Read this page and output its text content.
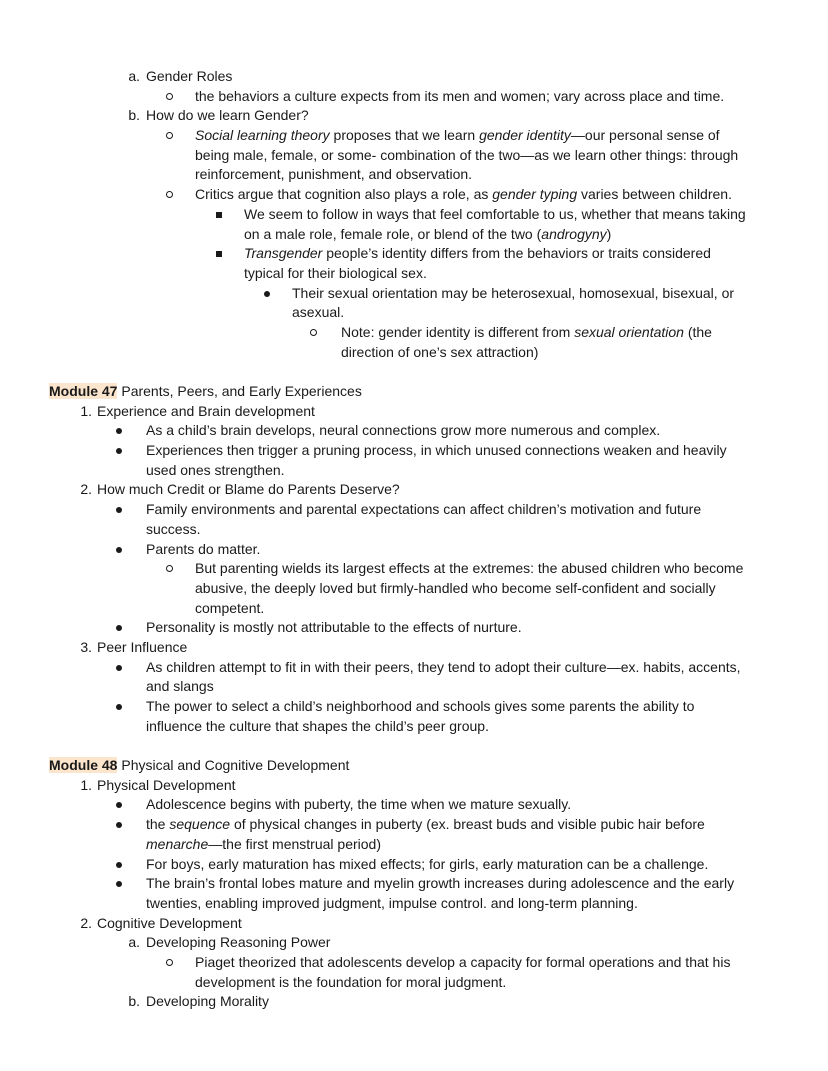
a. Gender Roles
the behaviors a culture expects from its men and women; vary across place and time.
b. How do we learn Gender?
Social learning theory proposes that we learn gender identity—our personal sense of
being male, female, or some- combination of the two—as we learn other things: through
reinforcement, punishment, and observation.
Critics argue that cognition also plays a role, as gender typing varies between children.
We seem to follow in ways that feel comfortable to us, whether that means taking
on a male role, female role, or blend of the two (androgyny)
Transgender people’s identity differs from the behaviors or traits considered
typical for their biological sex.
Their sexual orientation may be heterosexual, homosexual, bisexual, or
asexual.
Note: gender identity is different from sexual orientation (the
direction of one’s sex attraction)
Module 47 Parents, Peers, and Early Experiences
1. Experience and Brain development
As a child’s brain develops, neural connections grow more numerous and complex.
Experiences then trigger a pruning process, in which unused connections weaken and heavily
used ones strengthen.
2. How much Credit or Blame do Parents Deserve?
Family environments and parental expectations can affect children’s motivation and future
success.
Parents do matter.
But parenting wields its largest effects at the extremes: the abused children who become
abusive, the deeply loved but firmly-handled who become self-confident and socially
competent.
Personality is mostly not attributable to the effects of nurture.
3. Peer Influence
As children attempt to fit in with their peers, they tend to adopt their culture—ex. habits, accents,
and slangs
The power to select a child’s neighborhood and schools gives some parents the ability to
influence the culture that shapes the child’s peer group.
Module 48 Physical and Cognitive Development
1. Physical Development
Adolescence begins with puberty, the time when we mature sexually.
the sequence of physical changes in puberty (ex. breast buds and visible pubic hair before
menarche—the first menstrual period)
For boys, early maturation has mixed effects; for girls, early maturation can be a challenge.
The brain’s frontal lobes mature and myelin growth increases during adolescence and the early
twenties, enabling improved judgment, impulse control. and long-term planning.
2. Cognitive Development
a. Developing Reasoning Power
Piaget theorized that adolescents develop a capacity for formal operations and that his
development is the foundation for moral judgment.
b. Developing Morality
